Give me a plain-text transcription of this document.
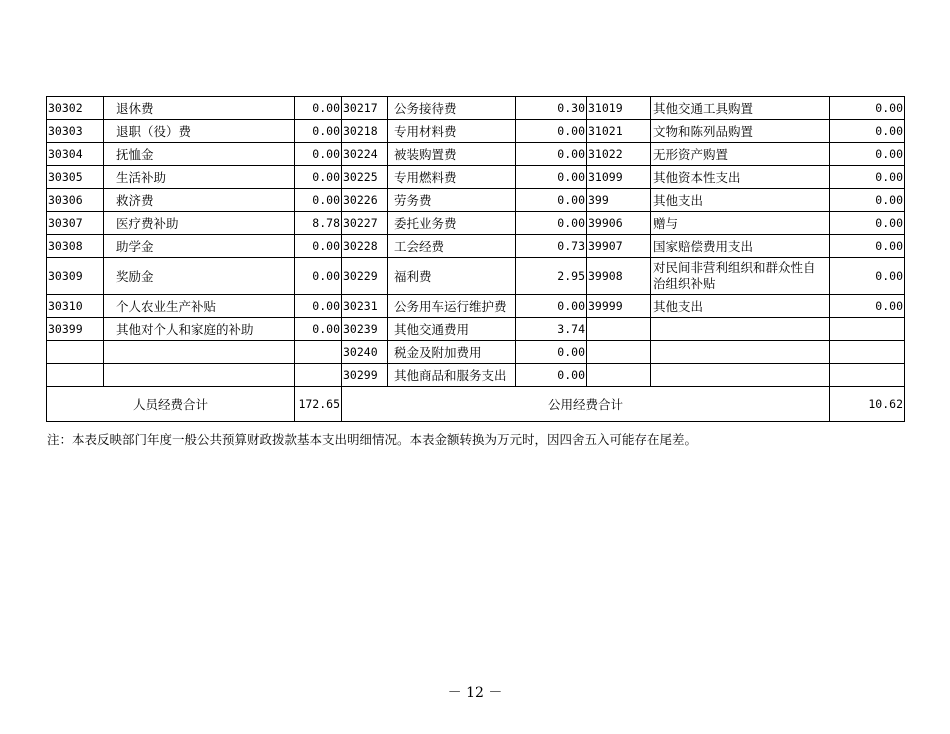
30302	退休费	0.00	30217	公务接待费	0.30	31019	其他交通工具购置	0.00
30303	退职（役）费	0.00	30218	专用材料费	0.00	31021	文物和陈列品购置	0.00
30304	抚恤金	0.00	30224	被装购置费	0.00	31022	无形资产购置	0.00
30305	生活补助	0.00	30225	专用燃料费	0.00	31099	其他资本性支出	0.00
30306	救济费	0.00	30226	劳务费	0.00	399	其他支出	0.00
30307	医疗费补助	8.78	30227	委托业务费	0.00	39906	赠与	0.00
30308	助学金	0.00	30228	工会经费	0.73	39907	国家赔偿费用支出	0.00
30309	奖励金	0.00	30229	福利费	2.95	39908	对民间非营利组织和群众性自治组织补贴	0.00
30310	个人农业生产补贴	0.00	30231	公务用车运行维护费	0.00	39999	其他支出	0.00
30399	其他对个人和家庭的补助	0.00	30239	其他交通费用	3.74			
			30240	税金及附加费用	0.00			
			30299	其他商品和服务支出	0.00			
人员经费合计		172.65	公用经费合计					10.62
注：本表反映部门年度一般公共预算财政拨款基本支出明细情况。本表金额转换为万元时，因四舍五入可能存在尾差。
－ 12 －
